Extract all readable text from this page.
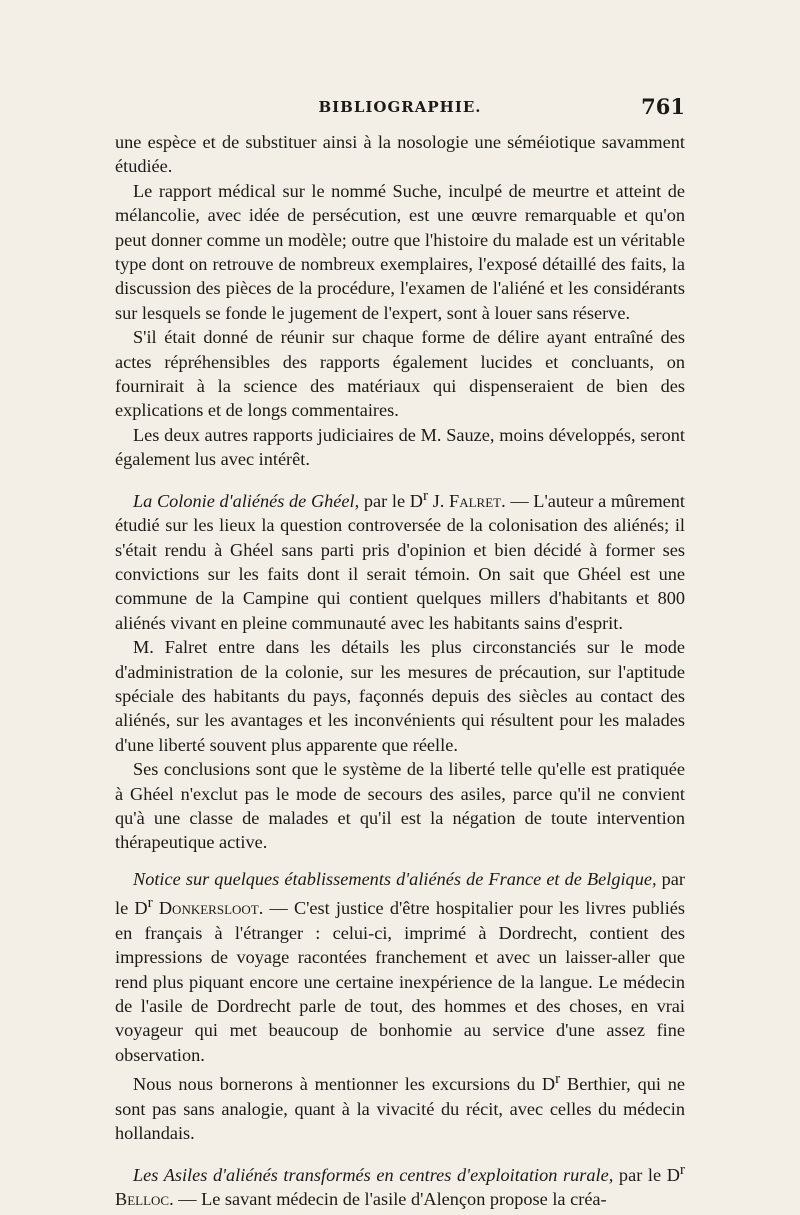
BIBLIOGRAPHIE.	761

une espèce et de substituer ainsi à la nosologie une séméiotique savamment étudiée.

Le rapport médical sur le nommé Suche, inculpé de meurtre et atteint de mélancolie, avec idée de persécution, est une œuvre remarquable et qu'on peut donner comme un modèle; outre que l'histoire du malade est un véritable type dont on retrouve de nombreux exemplaires, l'exposé détaillé des faits, la discussion des pièces de la procédure, l'examen de l'aliéné et les considérants sur lesquels se fonde le jugement de l'expert, sont à louer sans réserve.

S'il était donné de réunir sur chaque forme de délire ayant entraîné des actes répréhensibles des rapports également lucides et concluants, on fournirait à la science des matériaux qui dispenseraient de bien des explications et de longs commentaires.

Les deux autres rapports judiciaires de M. Sauze, moins développés, seront également lus avec intérêt.

La Colonie d'aliénés de Ghéel, par le $D^r$ J. Falret. — L'auteur a mûrement étudié sur les lieux la question controversée de la colonisation des aliénés; il s'était rendu à Ghéel sans parti pris d'opinion et bien décidé à former ses convictions sur les faits dont il serait témoin. On sait que Ghéel est une commune de la Campine qui contient quelques millers d'habitants et 800 aliénés vivant en pleine communauté avec les habitants sains d'esprit.

M. Falret entre dans les détails les plus circonstanciés sur le mode d'administration de la colonie, sur les mesures de précaution, sur l'aptitude spéciale des habitants du pays, façonnés depuis des siècles au contact des aliénés, sur les avantages et les inconvénients qui résultent pour les malades d'une liberté souvent plus apparente que réelle.

Ses conclusions sont que le système de la liberté telle qu'elle est pratiquée à Ghéel n'exclut pas le mode de secours des asiles, parce qu'il ne convient qu'à une classe de malades et qu'il est la négation de toute intervention thérapeutique active.

Notice sur quelques établissements d'aliénés de France et de Belgique, par le $D^r$ Donkersloot. — C'est justice d'être hospitalier pour les livres publiés en français à l'étranger : celui-ci, imprimé à Dordrecht, contient des impressions de voyage racontées franchement et avec un laisser-aller que rend plus piquant encore une certaine inexpérience de la langue. Le médecin de l'asile de Dordrecht parle de tout, des hommes et des choses, en vrai voyageur qui met beaucoup de bonhomie au service d'une assez fine observation.

Nous nous bornerons à mentionner les excursions du $D^r$ Berthier, qui ne sont pas sans analogie, quant à la vivacité du récit, avec celles du médecin hollandais.

Les Asiles d'aliénés transformés en centres d'exploitation rurale, par le $D^r$ Belloc. — Le savant médecin de l'asile d'Alençon propose la créa-
